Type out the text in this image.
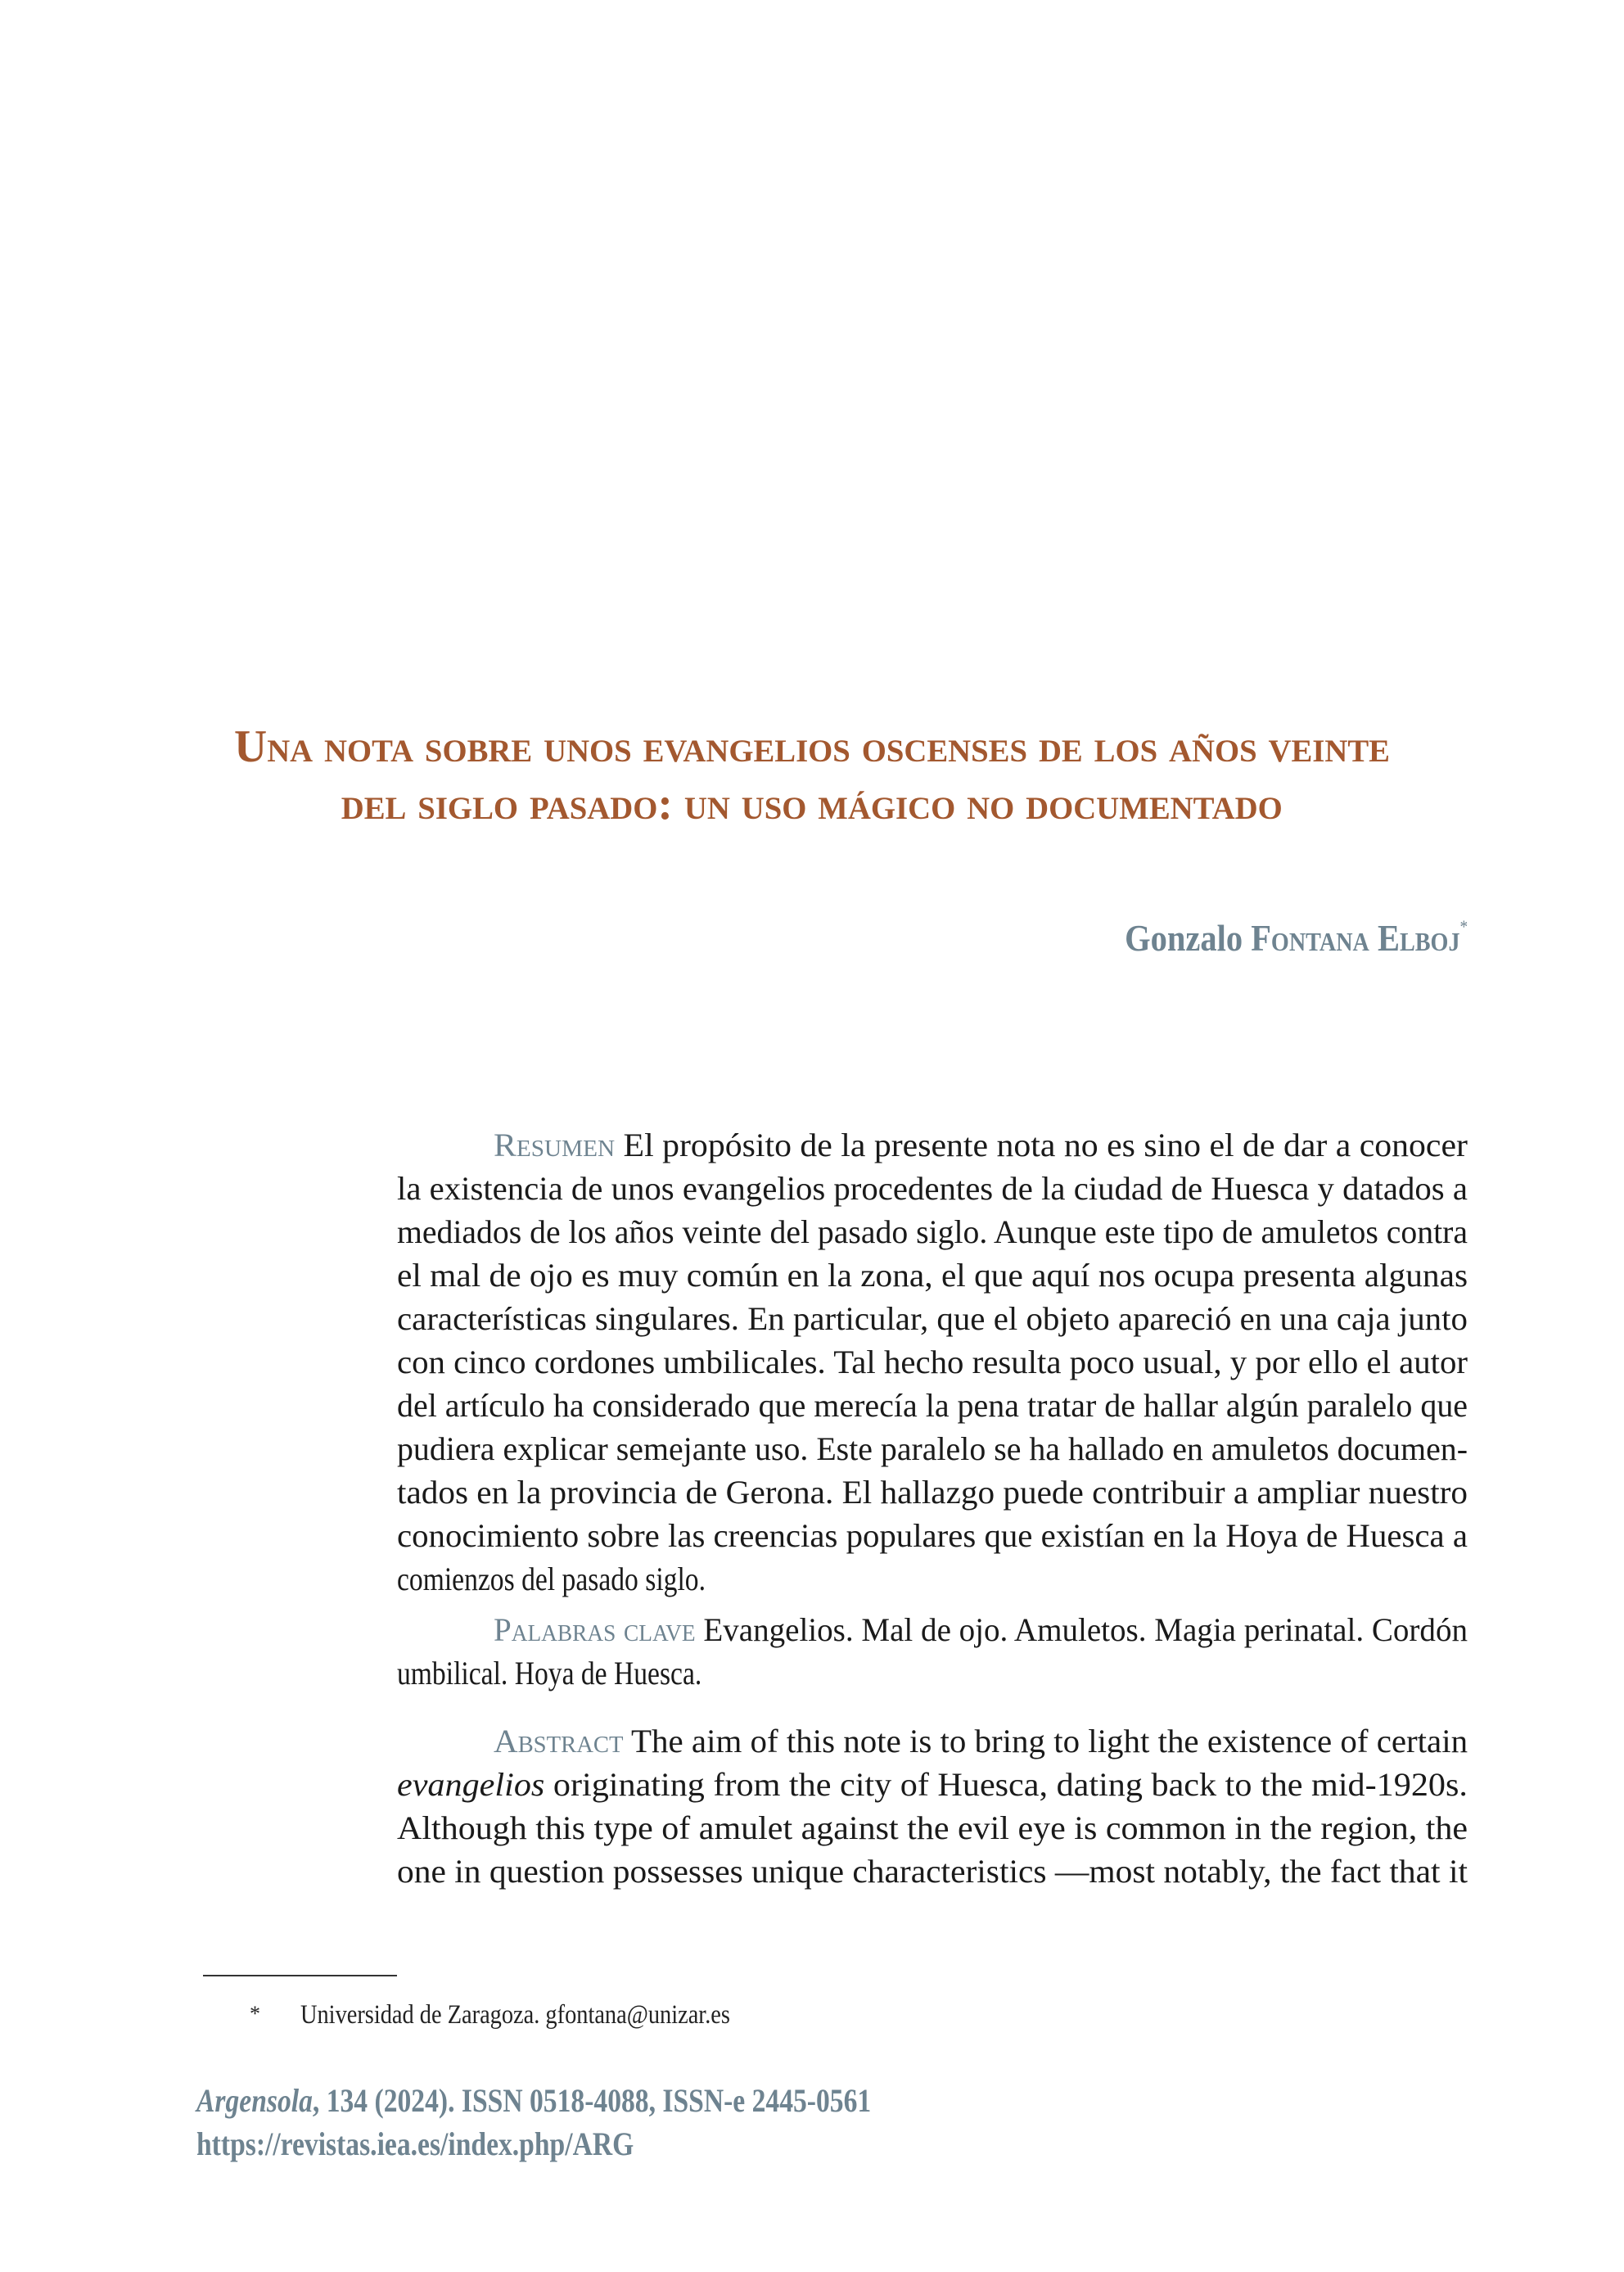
Una nota sobre unos evangelios oscenses de los años veinte
del siglo pasado: un uso mágico no documentado
Gonzalo Fontana Elboj*
Resumen El propósito de la presente nota no es sino el de dar a conocer
la existencia de unos evangelios procedentes de la ciudad de Huesca y datados a
mediados de los años veinte del pasado siglo. Aunque este tipo de amuletos contra
el mal de ojo es muy común en la zona, el que aquí nos ocupa presenta algunas
características singulares. En particular, que el objeto apareció en una caja junto
con cinco cordones umbilicales. Tal hecho resulta poco usual, y por ello el autor
del artículo ha considerado que merecía la pena tratar de hallar algún paralelo que
pudiera explicar semejante uso. Este paralelo se ha hallado en amuletos documen-
tados en la provincia de Gerona. El hallazgo puede contribuir a ampliar nuestro
conocimiento sobre las creencias populares que existían en la Hoya de Huesca a
comienzos del pasado siglo.
Palabras clave Evangelios. Mal de ojo. Amuletos. Magia perinatal. Cordón
umbilical. Hoya de Huesca.
Abstract The aim of this note is to bring to light the existence of certain
evangelios originating from the city of Huesca, dating back to the mid-1920s.
Although this type of amulet against the evil eye is common in the region, the
one in question possesses unique characteristics —most notably, the fact that it
* Universidad de Zaragoza. gfontana@unizar.es
Argensola, 134 (2024). ISSN 0518-4088, ISSN-e 2445-0561
https://revistas.iea.es/index.php/ARG
